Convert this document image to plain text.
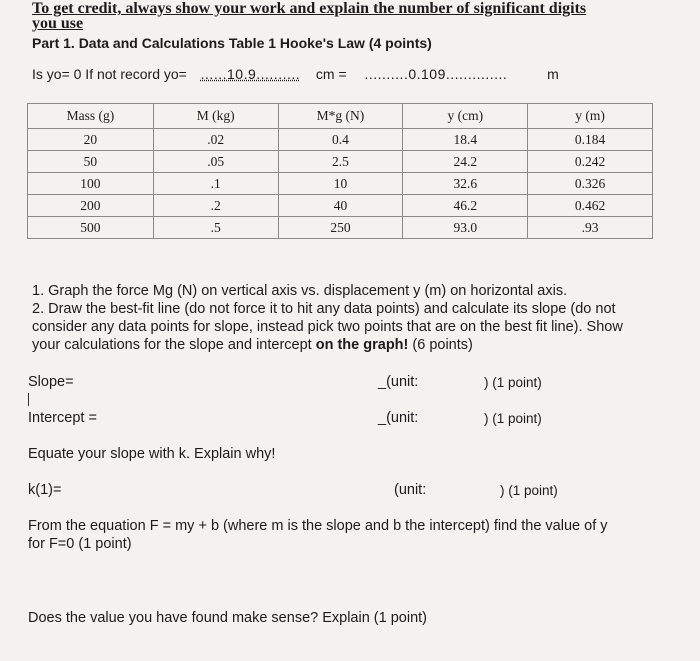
To get credit, always show your work and explain the number of significant digits
you use
Part 1. Data and Calculations Table 1 Hooke's Law (4 points)
Is yo= 0 If not record yo= ......10.9.......... cm = ..........0.109..............	m
Mass (g)	M (kg)	M*g (N)	y (cm)	y (m)
20	.02	0.4	18.4	0.184
50	.05	2.5	24.2	0.242
100	.1	10	32.6	0.326
200	.2	40	46.2	0.462
500	.5	250	93.0	.93
1. Graph the force Mg (N) on vertical axis vs. displacement y (m) on horizontal axis.
2. Draw the best-fit line (do not force it to hit any data points) and calculate its slope (do not
consider any data points for slope, instead pick two points that are on the best fit line). Show
your calculations for the slope and intercept on the graph! (6 points)
Slope=	_(unit:	) (1 point)
Intercept =	_(unit:	) (1 point)
Equate your slope with k. Explain why!
k(1)=	(unit:	) (1 point)
From the equation F = my + b (where m is the slope and b the intercept) find the value of y
for F=0 (1 point)
Does the value you have found make sense? Explain (1 point)
